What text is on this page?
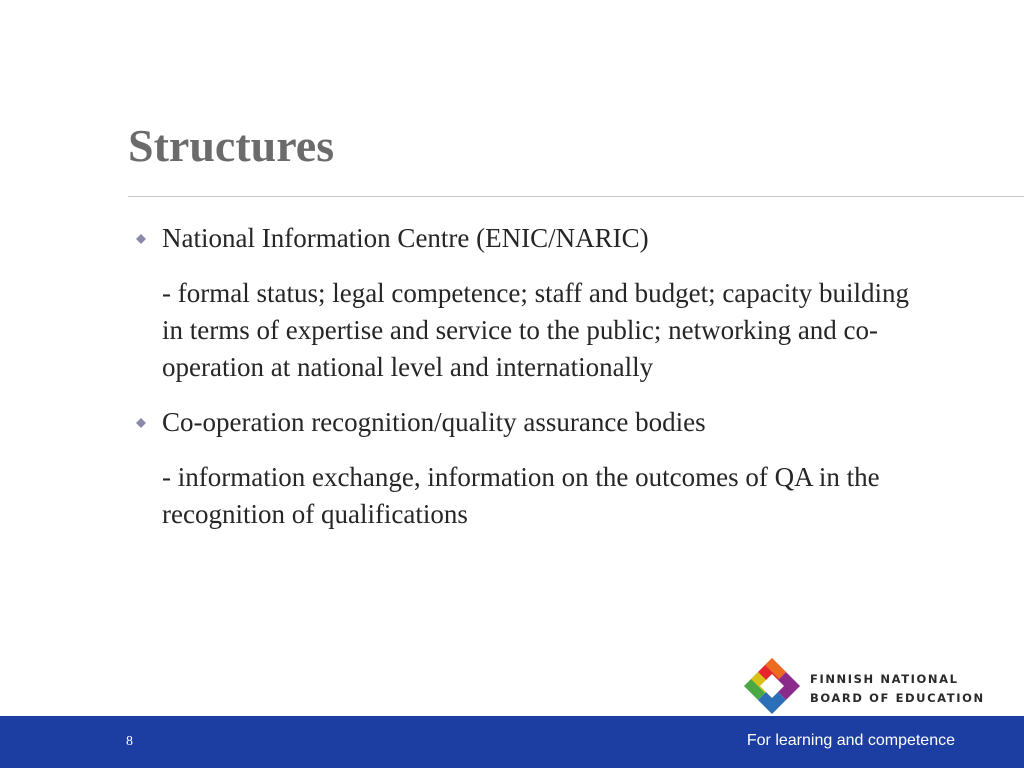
Structures
National Information Centre (ENIC/NARIC)
- formal status; legal competence; staff and budget; capacity building in terms of expertise and service to the public; networking and co-operation at national level and internationally
Co-operation recognition/quality assurance bodies
- information exchange, information on the outcomes of QA in the recognition of qualifications
FINNISH NATIONAL
BOARD OF EDUCATION
8	For learning and competence
